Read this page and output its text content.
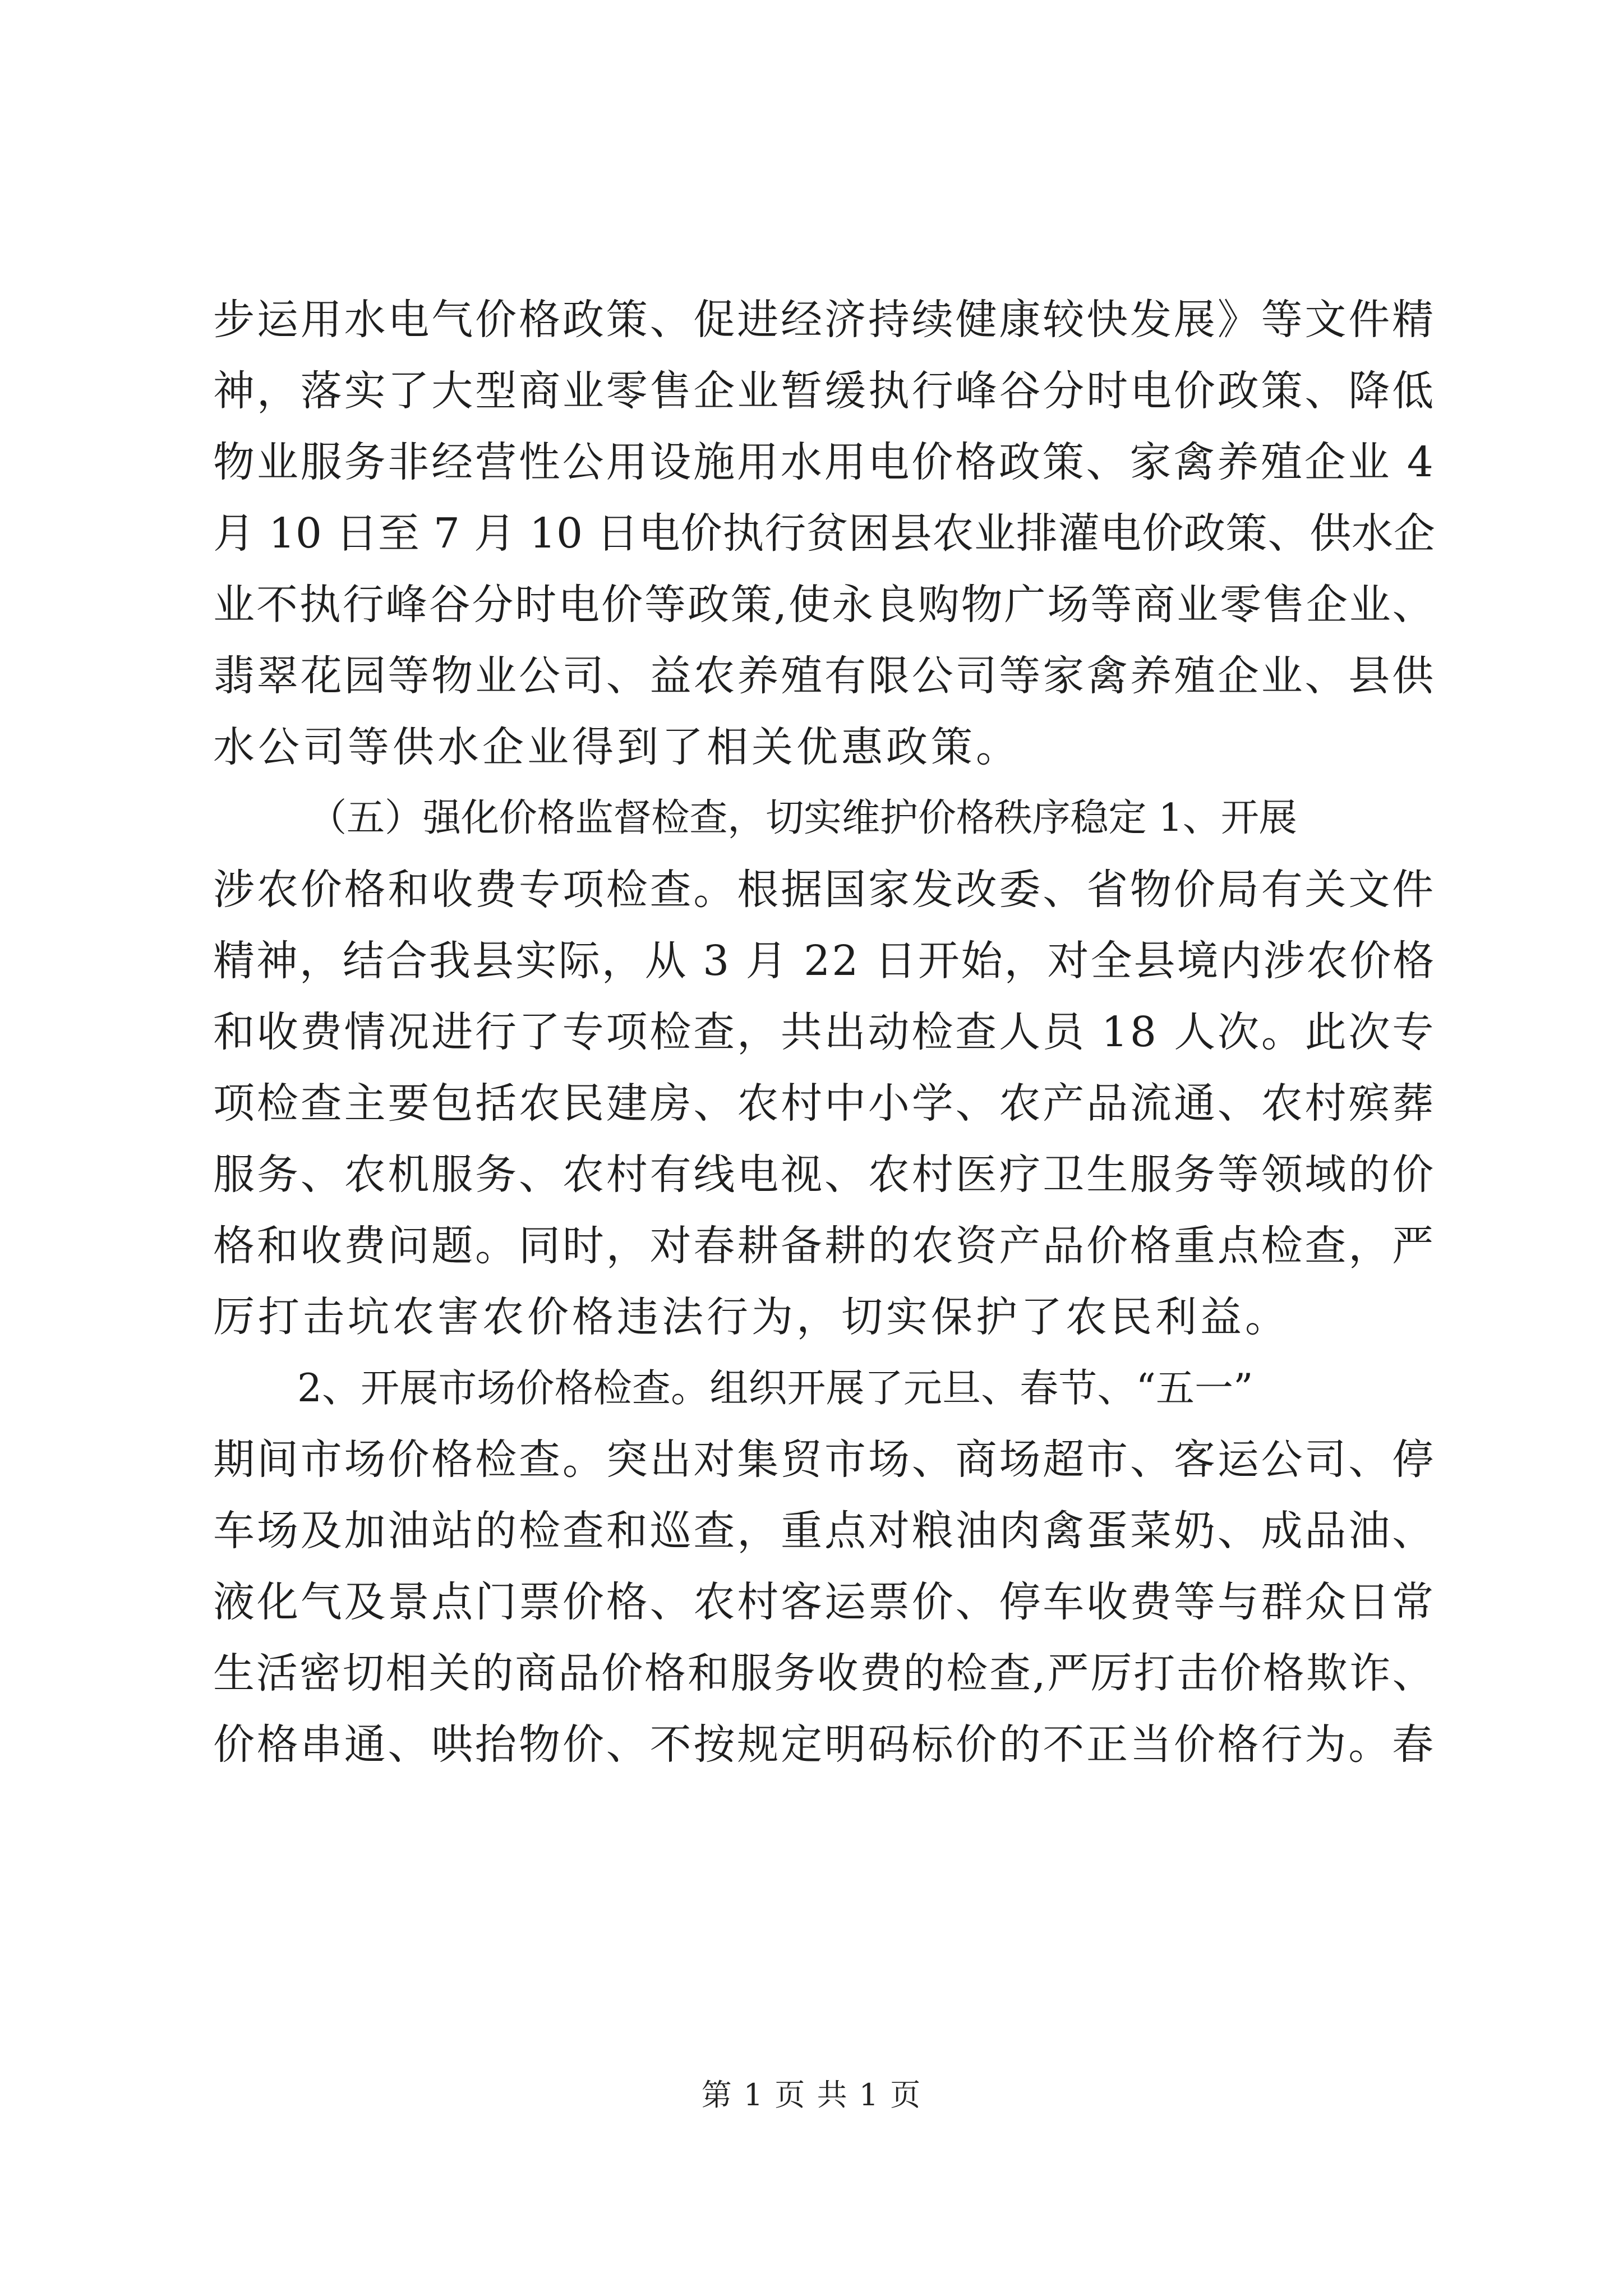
步运用水电气价格政策、促进经济持续健康较快发展》等文件精
神，落实了大型商业零售企业暂缓执行峰谷分时电价政策、降低
物业服务非经营性公用设施用水用电价格政策、家禽养殖企业 4
月 10 日至 7 月 10 日电价执行贫困县农业排灌电价政策、供水企
业不执行峰谷分时电价等政策,使永良购物广场等商业零售企业、
翡翠花园等物业公司、益农养殖有限公司等家禽养殖企业、县供
水公司等供水企业得到了相关优惠政策。
（五）强化价格监督检查，切实维护价格秩序稳定 1、开展
涉农价格和收费专项检查。根据国家发改委、省物价局有关文件
精神，结合我县实际，从 3 月 22 日开始，对全县境内涉农价格
和收费情况进行了专项检查，共出动检查人员 18 人次。此次专
项检查主要包括农民建房、农村中小学、农产品流通、农村殡葬
服务、农机服务、农村有线电视、农村医疗卫生服务等领域的价
格和收费问题。同时，对春耕备耕的农资产品价格重点检查，严
厉打击坑农害农价格违法行为，切实保护了农民利益。
2、开展市场价格检查。组织开展了元旦、春节、“五一”
期间市场价格检查。突出对集贸市场、商场超市、客运公司、停
车场及加油站的检查和巡查，重点对粮油肉禽蛋菜奶、成品油、
液化气及景点门票价格、农村客运票价、停车收费等与群众日常
生活密切相关的商品价格和服务收费的检查,严厉打击价格欺诈、
价格串通、哄抬物价、不按规定明码标价的不正当价格行为。春
第 1 页 共 1 页
